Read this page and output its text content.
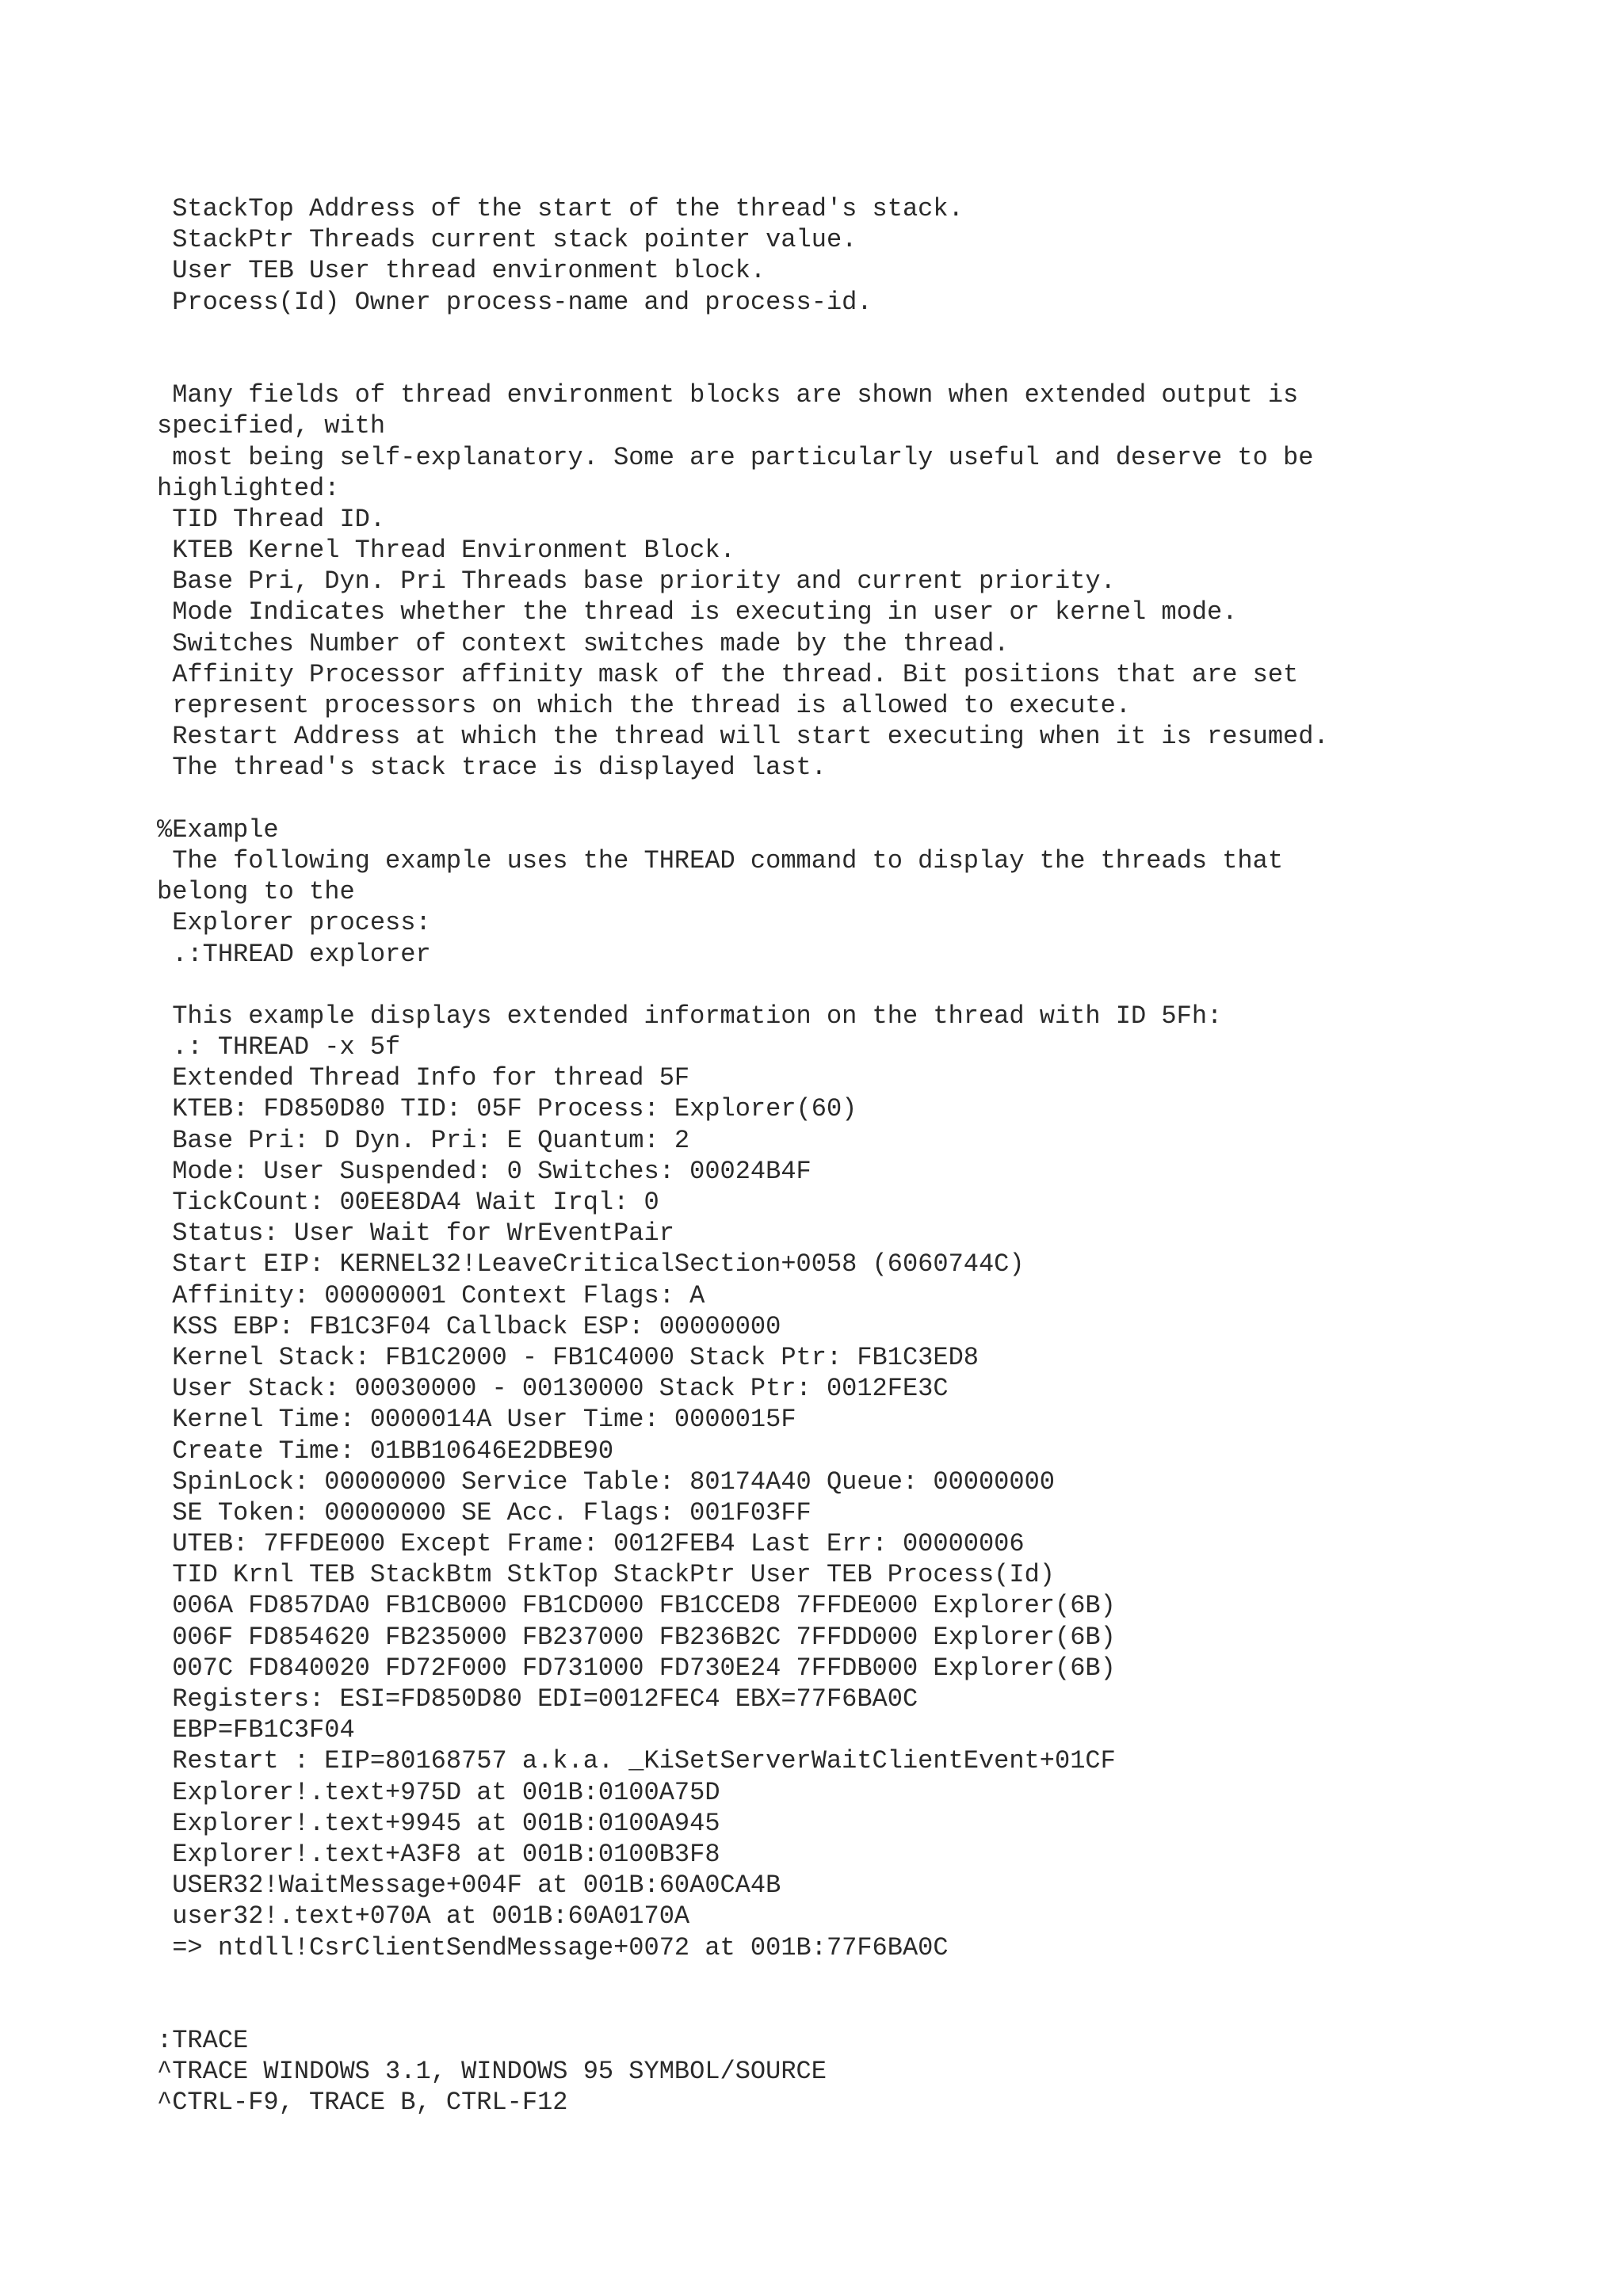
StackTop Address of the start of the thread's stack.
StackPtr Threads current stack pointer value.
User TEB User thread environment block.
Process(Id) Owner process-name and process-id.
Many fields of thread environment blocks are shown when extended output is
specified, with
most being self-explanatory. Some are particularly useful and deserve to be
highlighted:
TID Thread ID.
KTEB Kernel Thread Environment Block.
Base Pri, Dyn. Pri Threads base priority and current priority.
Mode Indicates whether the thread is executing in user or kernel mode.
Switches Number of context switches made by the thread.
Affinity Processor affinity mask of the thread. Bit positions that are set
represent processors on which the thread is allowed to execute.
Restart Address at which the thread will start executing when it is resumed.
The thread's stack trace is displayed last.
%Example
The following example uses the THREAD command to display the threads that
belong to the
Explorer process:
.:THREAD explorer
This example displays extended information on the thread with ID 5Fh:
.: THREAD -x 5f
Extended Thread Info for thread 5F
KTEB: FD850D80 TID: 05F Process: Explorer(60)
Base Pri: D Dyn. Pri: E Quantum: 2
Mode: User Suspended: 0 Switches: 00024B4F
TickCount: 00EE8DA4 Wait Irql: 0
Status: User Wait for WrEventPair
Start EIP: KERNEL32!LeaveCriticalSection+0058 (6060744C)
Affinity: 00000001 Context Flags: A
KSS EBP: FB1C3F04 Callback ESP: 00000000
Kernel Stack: FB1C2000 - FB1C4000 Stack Ptr: FB1C3ED8
User Stack: 00030000 - 00130000 Stack Ptr: 0012FE3C
Kernel Time: 0000014A User Time: 0000015F
Create Time: 01BB10646E2DBE90
SpinLock: 00000000 Service Table: 80174A40 Queue: 00000000
SE Token: 00000000 SE Acc. Flags: 001F03FF
UTEB: 7FFDE000 Except Frame: 0012FEB4 Last Err: 00000006
TID Krnl TEB StackBtm StkTop StackPtr User TEB Process(Id)
006A FD857DA0 FB1CB000 FB1CD000 FB1CCED8 7FFDE000 Explorer(6B)
006F FD854620 FB235000 FB237000 FB236B2C 7FFDD000 Explorer(6B)
007C FD840020 FD72F000 FD731000 FD730E24 7FFDB000 Explorer(6B)
Registers: ESI=FD850D80 EDI=0012FEC4 EBX=77F6BA0C
EBP=FB1C3F04
Restart : EIP=80168757 a.k.a. _KiSetServerWaitClientEvent+01CF
Explorer!.text+975D at 001B:0100A75D
Explorer!.text+9945 at 001B:0100A945
Explorer!.text+A3F8 at 001B:0100B3F8
USER32!WaitMessage+004F at 001B:60A0CA4B
user32!.text+070A at 001B:60A0170A
=> ntdll!CsrClientSendMessage+0072 at 001B:77F6BA0C
:TRACE
^TRACE WINDOWS 3.1, WINDOWS 95 SYMBOL/SOURCE
^CTRL-F9, TRACE B, CTRL-F12
